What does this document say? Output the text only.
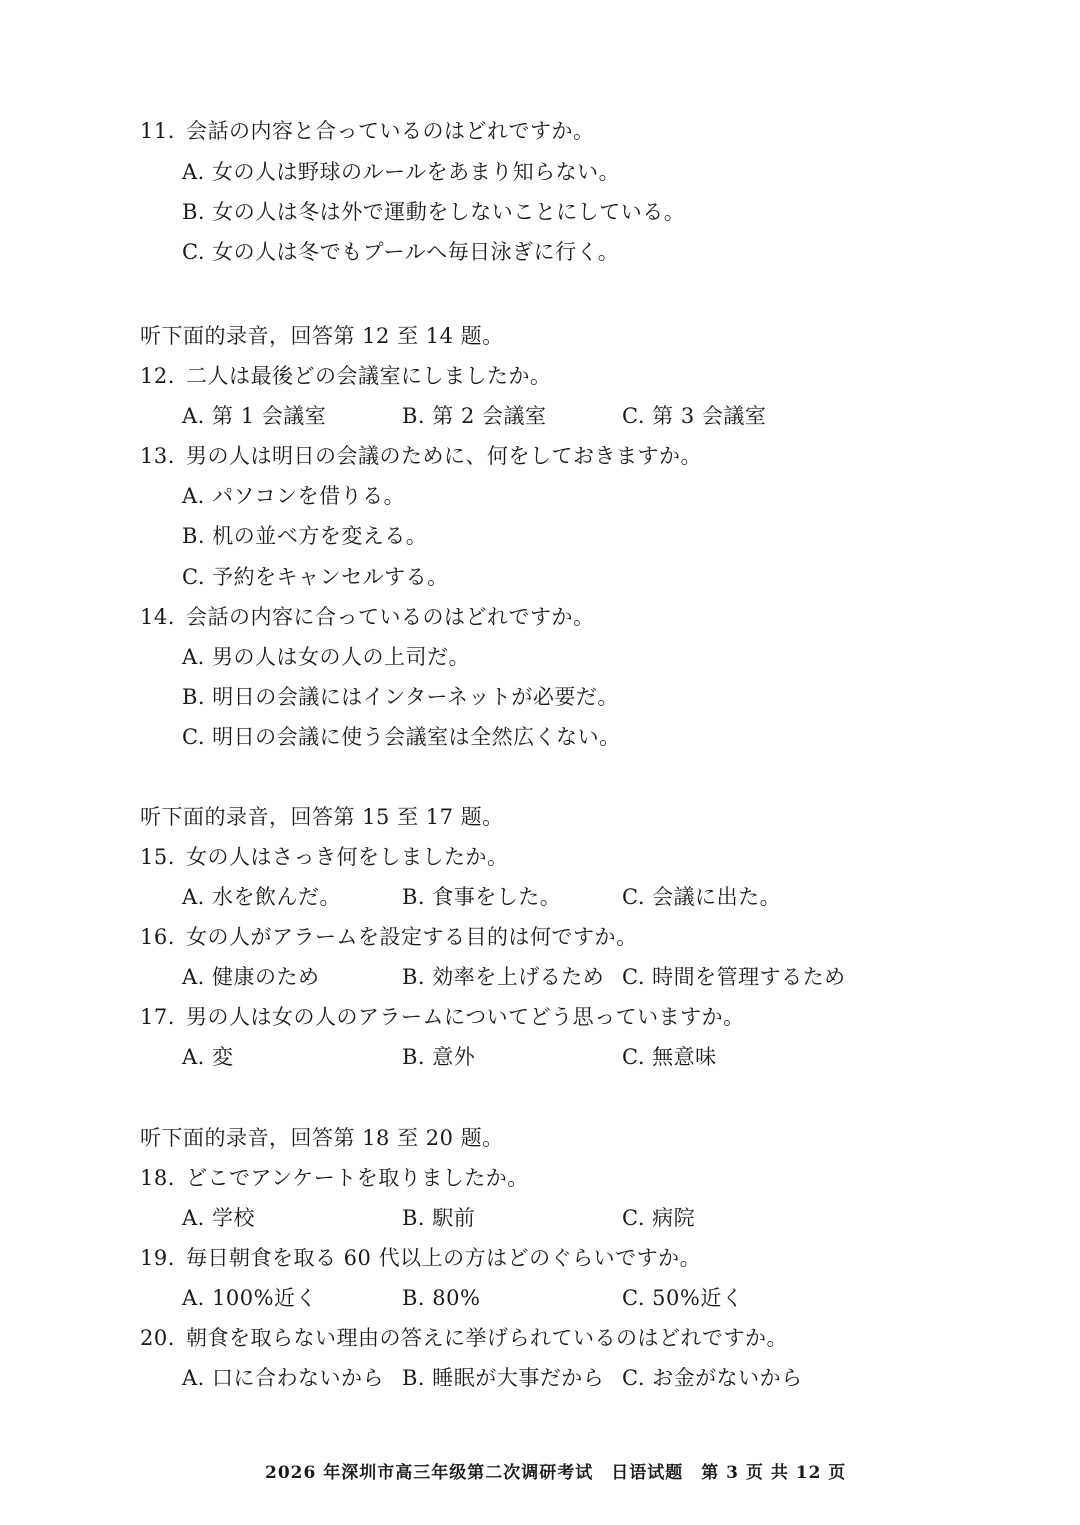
11. 会話の内容と合っているのはどれですか。
A. 女の人は野球のルールをあまり知らない。
B. 女の人は冬は外で運動をしないことにしている。
C. 女の人は冬でもプールへ毎日泳ぎに行く。
听下面的录音，回答第 12 至 14 题。
12. 二人は最後どの会議室にしましたか。
A. 第 1 会議室	B. 第 2 会議室	C. 第 3 会議室
13. 男の人は明日の会議のために、何をしておきますか。
A. パソコンを借りる。
B. 机の並べ方を変える。
C. 予約をキャンセルする。
14. 会話の内容に合っているのはどれですか。
A. 男の人は女の人の上司だ。
B. 明日の会議にはインターネットが必要だ。
C. 明日の会議に使う会議室は全然広くない。
听下面的录音，回答第 15 至 17 题。
15. 女の人はさっき何をしましたか。
A. 水を飲んだ。	B. 食事をした。	C. 会議に出た。
16. 女の人がアラームを設定する目的は何ですか。
A. 健康のため	B. 効率を上げるため C. 時間を管理するため
17. 男の人は女の人のアラームについてどう思っていますか。
A. 変	B. 意外	C. 無意味
听下面的录音，回答第 18 至 20 题。
18. どこでアンケートを取りましたか。
A. 学校	B. 駅前	C. 病院
19. 毎日朝食を取る 60 代以上の方はどのぐらいですか。
A. 100%近く	B. 80%	C. 50%近く
20. 朝食を取らない理由の答えに挙げられているのはどれですか。
A. 口に合わないから B. 睡眠が大事だから C. お金がないから
2026 年深圳市高三年级第二次调研考试　日语试题　第 3 页 共 12 页
